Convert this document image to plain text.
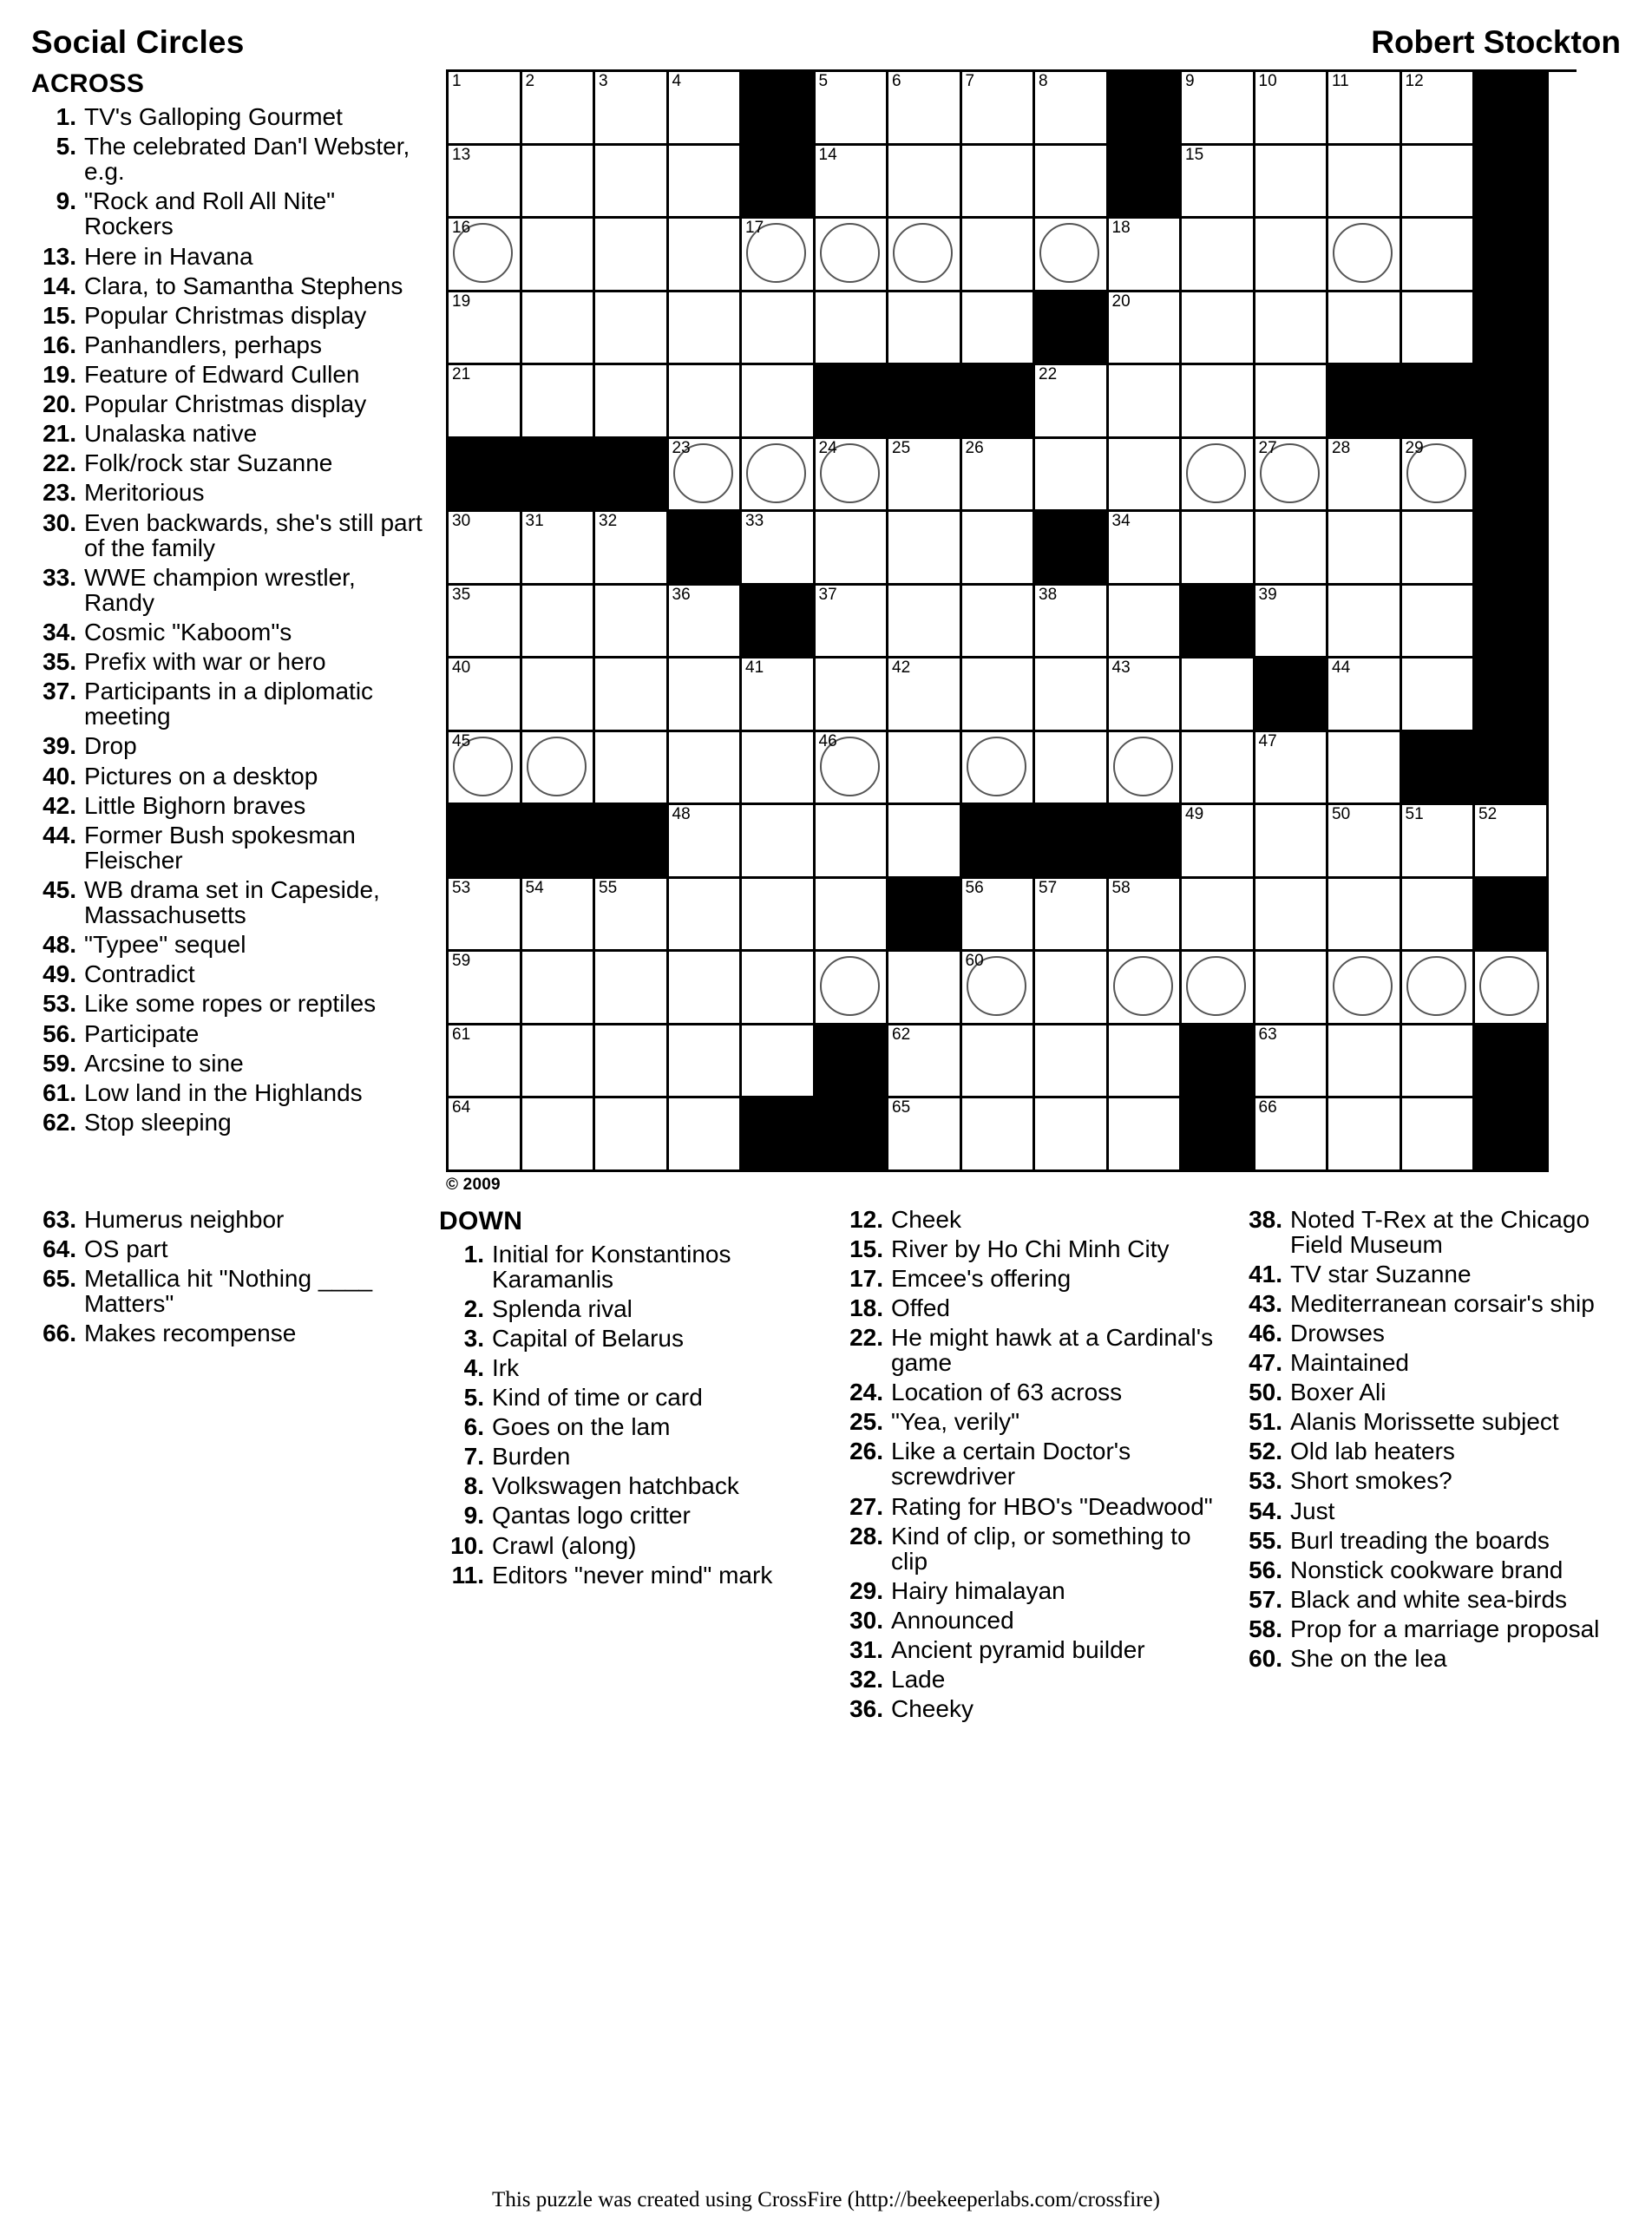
Social Circles	Robert Stockton
ACROSS
1. TV's Galloping Gourmet
5. The celebrated Dan'l Webster, e.g.
9. "Rock and Roll All Nite" Rockers
13. Here in Havana
14. Clara, to Samantha Stephens
15. Popular Christmas display
16. Panhandlers, perhaps
19. Feature of Edward Cullen
20. Popular Christmas display
21. Unalaska native
22. Folk/rock star Suzanne
23. Meritorious
30. Even backwards, she's still part of the family
33. WWE champion wrestler, Randy
34. Cosmic "Kaboom"s
35. Prefix with war or hero
37. Participants in a diplomatic meeting
39. Drop
40. Pictures on a desktop
42. Little Bighorn braves
44. Former Bush spokesman Fleischer
45. WB drama set in Capeside, Massachusetts
48. "Typee" sequel
49. Contradict
53. Like some ropes or reptiles
56. Participate
59. Arcsine to sine
61. Low land in the Highlands
62. Stop sleeping
1	2	3	4	5	6	7	8	9	10	11	12
13	14	15
16	17	18
19	20
21	22
23	24	25	26	27	28	29
30	31	32	33	34
35	36	37	38	39
40	41	42	43	44
45	46	47
48	49	50	51	52
53	54	55	56	57	58
59	60
61	62	63
64	65	66
© 2009
63. Humerus neighbor
64. OS part
65. Metallica hit "Nothing ____ Matters"
66. Makes recompense
DOWN
1. Initial for Konstantinos Karamanlis
2. Splenda rival
3. Capital of Belarus
4. Irk
5. Kind of time or card
6. Goes on the lam
7. Burden
8. Volkswagen hatchback
9. Qantas logo critter
10. Crawl (along)
11. Editors "never mind" mark
12. Cheek
15. River by Ho Chi Minh City
17. Emcee's offering
18. Offed
22. He might hawk at a Cardinal's game
24. Location of 63 across
25. "Yea, verily"
26. Like a certain Doctor's screwdriver
27. Rating for HBO's "Deadwood"
28. Kind of clip, or something to clip
29. Hairy himalayan
30. Announced
31. Ancient pyramid builder
32. Lade
36. Cheeky
38. Noted T-Rex at the Chicago Field Museum
41. TV star Suzanne
43. Mediterranean corsair's ship
46. Drowses
47. Maintained
50. Boxer Ali
51. Alanis Morissette subject
52. Old lab heaters
53. Short smokes?
54. Just
55. Burl treading the boards
56. Nonstick cookware brand
57. Black and white sea-birds
58. Prop for a marriage proposal
60. She on the lea
This puzzle was created using CrossFire (http://beekeeperlabs.com/crossfire)
